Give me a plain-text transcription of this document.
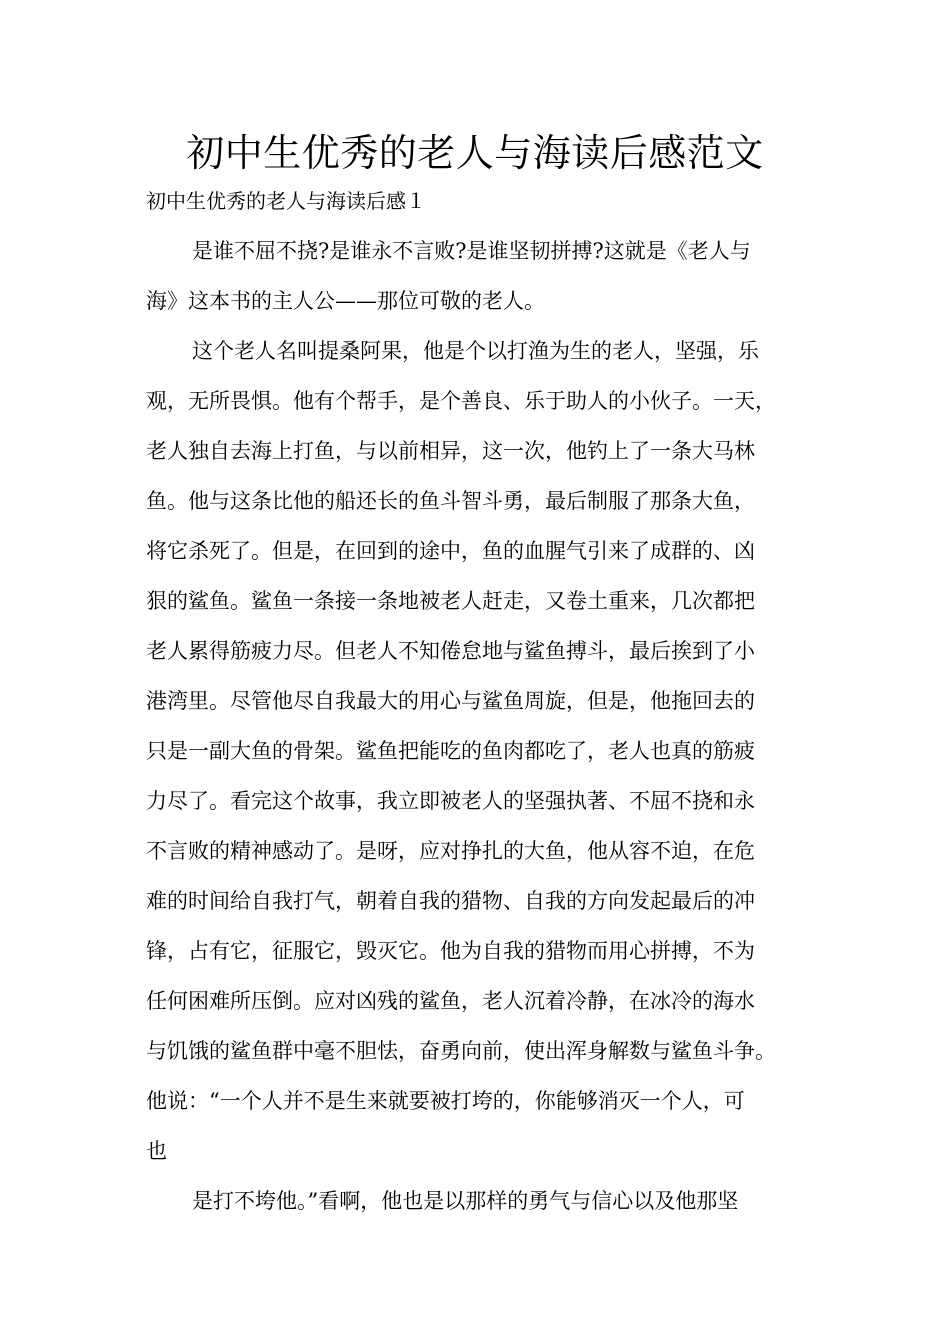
初中生优秀的老人与海读后感范文
初中生优秀的老人与海读后感１
是谁不屈不挠?是谁永不言败?是谁坚韧拼搏?这就是《老人与
海》这本书的主人公——那位可敬的老人。
这个老人名叫提桑阿果，他是个以打渔为生的老人，坚强，乐
观，无所畏惧。他有个帮手，是个善良、乐于助人的小伙子。一天，
老人独自去海上打鱼，与以前相异，这一次，他钓上了一条大马林
鱼。他与这条比他的船还长的鱼斗智斗勇，最后制服了那条大鱼，
将它杀死了。但是，在回到的途中，鱼的血腥气引来了成群的、凶
狠的鲨鱼。鲨鱼一条接一条地被老人赶走，又卷土重来，几次都把
老人累得筋疲力尽。但老人不知倦怠地与鲨鱼搏斗，最后挨到了小
港湾里。尽管他尽自我最大的用心与鲨鱼周旋，但是，他拖回去的
只是一副大鱼的骨架。鲨鱼把能吃的鱼肉都吃了，老人也真的筋疲
力尽了。看完这个故事，我立即被老人的坚强执著、不屈不挠和永
不言败的精神感动了。是呀，应对挣扎的大鱼，他从容不迫，在危
难的时间给自我打气，朝着自我的猎物、自我的方向发起最后的冲
锋，占有它，征服它，毁灭它。他为自我的猎物而用心拼搏，不为
任何困难所压倒。应对凶残的鲨鱼，老人沉着冷静，在冰冷的海水
与饥饿的鲨鱼群中毫不胆怯，奋勇向前，使出浑身解数与鲨鱼斗争。
他说：“一个人并不是生来就要被打垮的，你能够消灭一个人，可
也
是打不垮他。”看啊，他也是以那样的勇气与信心以及他那坚
